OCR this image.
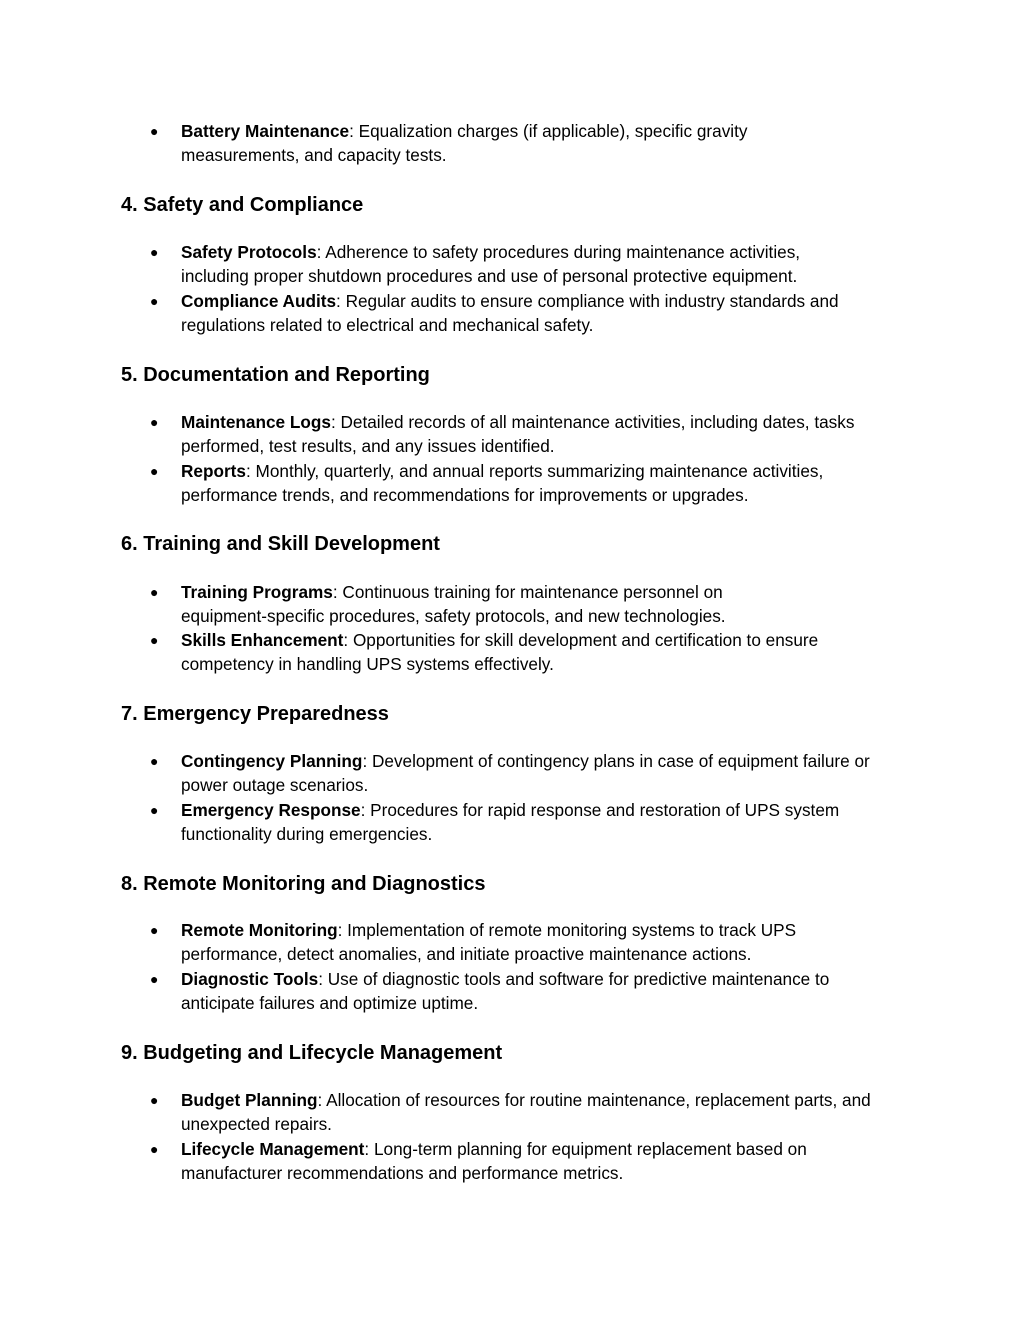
● Battery Maintenance: Equalization charges (if applicable), specific gravity measurements, and capacity tests.
4. Safety and Compliance
● Safety Protocols: Adherence to safety procedures during maintenance activities, including proper shutdown procedures and use of personal protective equipment.
● Compliance Audits: Regular audits to ensure compliance with industry standards and regulations related to electrical and mechanical safety.
5. Documentation and Reporting
● Maintenance Logs: Detailed records of all maintenance activities, including dates, tasks performed, test results, and any issues identified.
● Reports: Monthly, quarterly, and annual reports summarizing maintenance activities, performance trends, and recommendations for improvements or upgrades.
6. Training and Skill Development
● Training Programs: Continuous training for maintenance personnel on equipment-specific procedures, safety protocols, and new technologies.
● Skills Enhancement: Opportunities for skill development and certification to ensure competency in handling UPS systems effectively.
7. Emergency Preparedness
● Contingency Planning: Development of contingency plans in case of equipment failure or power outage scenarios.
● Emergency Response: Procedures for rapid response and restoration of UPS system functionality during emergencies.
8. Remote Monitoring and Diagnostics
● Remote Monitoring: Implementation of remote monitoring systems to track UPS performance, detect anomalies, and initiate proactive maintenance actions.
● Diagnostic Tools: Use of diagnostic tools and software for predictive maintenance to anticipate failures and optimize uptime.
9. Budgeting and Lifecycle Management
● Budget Planning: Allocation of resources for routine maintenance, replacement parts, and unexpected repairs.
● Lifecycle Management: Long-term planning for equipment replacement based on manufacturer recommendations and performance metrics.
